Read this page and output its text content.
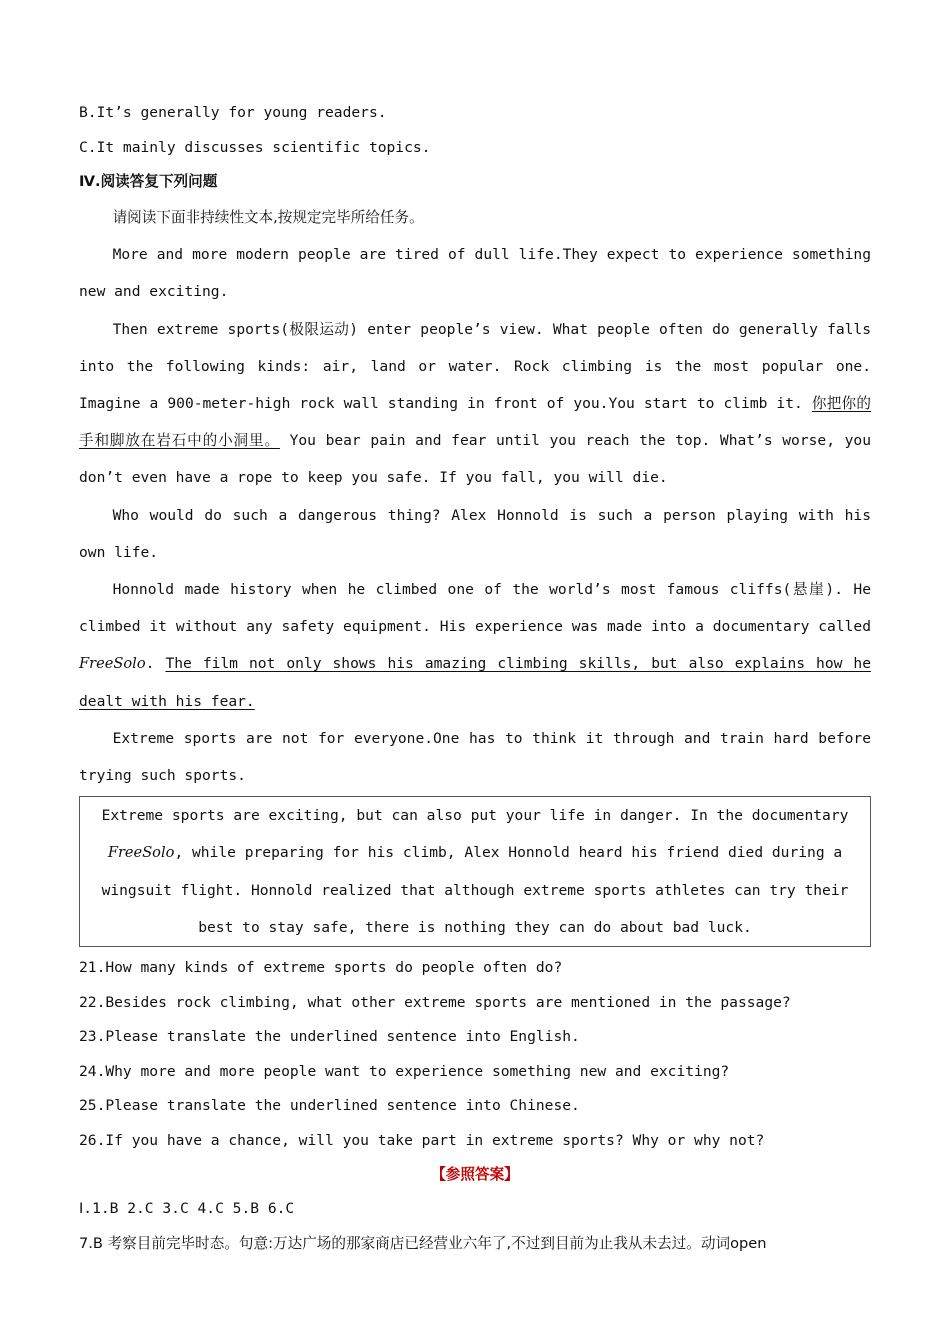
B.It’s generally for young readers.
C.It mainly discusses scientific topics.
Ⅳ.阅读答复下列问题

请阅读下面非持续性文本,按规定完毕所给任务。

More and more modern people are tired of dull life.They expect to experience something new and exciting.

Then extreme sports(极限运动) enter people’s view. What people often do generally falls into the following kinds: air, land or water. Rock climbing is the most popular one. Imagine a 900-meter-high rock wall standing in front of you.You start to climb it. 你把你的手和脚放在岩石中的小洞里。 You bear pain and fear until you reach the top. What’s worse, you don’t even have a rope to keep you safe. If you fall, you will die.

Who would do such a dangerous thing? Alex Honnold is such a person playing with his own life.

Honnold made history when he climbed one of the world’s most famous cliffs(悬崖). He climbed it without any safety equipment. His experience was made into a documentary called FreeSolo. The film not only shows his amazing climbing skills, but also explains how he dealt with his fear.

Extreme sports are not for everyone.One has to think it through and train hard before trying such sports.

Extreme sports are exciting, but can also put your life in danger. In the documentary FreeSolo, while preparing for his climb, Alex Honnold heard his friend died during a wingsuit flight. Honnold realized that although extreme sports athletes can try their best to stay safe, there is nothing they can do about bad luck.

21.How many kinds of extreme sports do people often do?
22.Besides rock climbing, what other extreme sports are mentioned in the passage?
23.Please translate the underlined sentence into English.
24.Why more and more people want to experience something new and exciting?
25.Please translate the underlined sentence into Chinese.
26.If you have a chance, will you take part in extreme sports? Why or why not?
【参照答案】
Ⅰ.1.B 2.C 3.C 4.C 5.B 6.C
7.B 考察目前完毕时态。句意:万达广场的那家商店已经营业六年了,不过到目前为止我从未去过。动词open
